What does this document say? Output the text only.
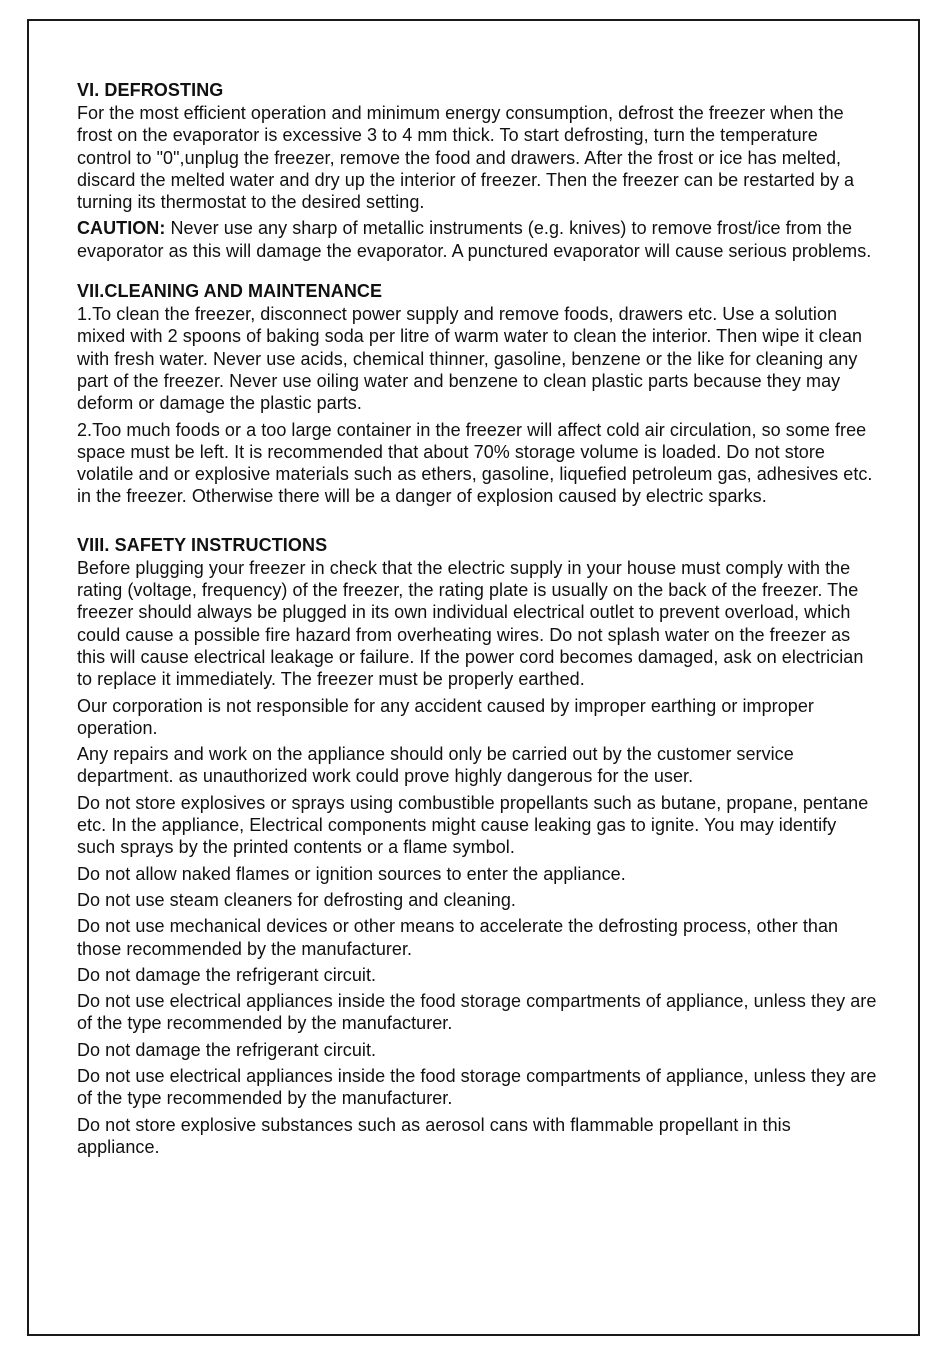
VI. DEFROSTING

For the most efficient operation and minimum energy consumption, defrost the freezer when the frost on the evaporator is excessive 3 to 4 mm thick. To start defrosting, turn the temperature control to "0",unplug the freezer, remove the food and drawers. After the frost or ice has melted, discard the melted water and dry up the interior of freezer. Then the freezer can be restarted by a turning its thermostat to the desired setting.

CAUTION: Never use any sharp of metallic instruments (e.g. knives) to remove frost/ice from the evaporator as this will damage the evaporator. A punctured evaporator will cause serious problems.

VII.CLEANING AND MAINTENANCE

1.To clean the freezer, disconnect power supply and remove foods, drawers etc. Use a solution mixed with 2 spoons of baking soda per litre of warm water to clean the interior. Then wipe it clean with fresh water. Never use acids, chemical thinner, gasoline, benzene or the like for cleaning any part of the freezer. Never use oiling water and benzene to clean plastic parts because they may deform or damage the plastic parts.

2.Too much foods or a too large container in the freezer will affect cold air circulation, so some free space must be left. It is recommended that about 70% storage volume is loaded. Do not store volatile and or explosive materials such as ethers, gasoline, liquefied petroleum gas, adhesives etc. in the freezer. Otherwise there will be a danger of explosion caused by electric sparks.

VIII. SAFETY INSTRUCTIONS

Before plugging your freezer in check that the electric supply in your house must comply with the rating (voltage, frequency) of the freezer, the rating plate is usually on the back of the freezer. The freezer should always be plugged in its own individual electrical outlet to prevent overload, which could cause a possible fire hazard from overheating wires. Do not splash water on the freezer as this will cause electrical leakage or failure. If the power cord becomes damaged, ask on electrician to replace it immediately. The freezer must be properly earthed.

Our corporation is not responsible for any accident caused by improper earthing or improper operation.

Any repairs and work on the appliance should only be carried out by the customer service department. as unauthorized work could prove highly dangerous for the user.

Do not store explosives or sprays using combustible propellants such as butane, propane, pentane etc. In the appliance, Electrical components might cause leaking gas to ignite. You may identify such sprays by the printed contents or a flame symbol.

Do not allow naked flames or ignition sources to enter the appliance.

Do not use steam cleaners for defrosting and cleaning.

Do not use mechanical devices or other means to accelerate the defrosting process, other than those recommended by the manufacturer.

Do not damage the refrigerant circuit.

Do not use electrical appliances inside the food storage compartments of appliance, unless they are of the type recommended by the manufacturer.

Do not damage the refrigerant circuit.

Do not use electrical appliances inside the food storage compartments of appliance, unless they are of the type recommended by the manufacturer.

Do not store explosive substances such as aerosol cans with flammable propellant in this appliance.
